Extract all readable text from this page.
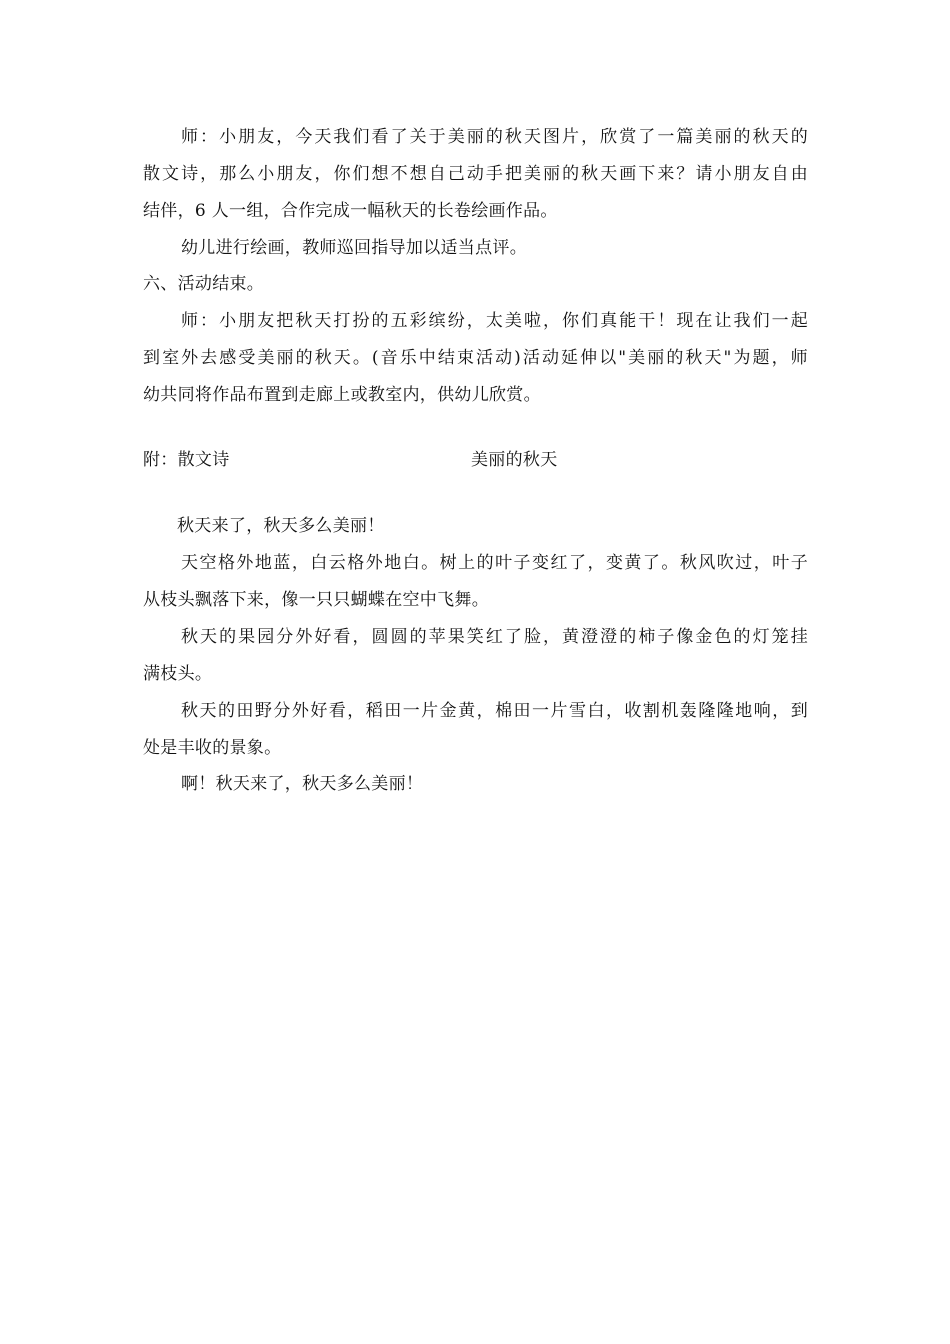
师：小朋友，今天我们看了关于美丽的秋天图片，欣赏了一篇美丽的秋天的
散文诗，那么小朋友，你们想不想自己动手把美丽的秋天画下来？请小朋友自由
结伴，6 人一组，合作完成一幅秋天的长卷绘画作品。
幼儿进行绘画，教师巡回指导加以适当点评。
六、活动结束。
师：小朋友把秋天打扮的五彩缤纷，太美啦，你们真能干！现在让我们一起
到室外去感受美丽的秋天。(音乐中结束活动)活动延伸以"美丽的秋天"为题，师
幼共同将作品布置到走廊上或教室内，供幼儿欣赏。
附：散文诗	美丽的秋天
秋天来了，秋天多么美丽！
天空格外地蓝，白云格外地白。树上的叶子变红了，变黄了。秋风吹过，叶子
从枝头飘落下来，像一只只蝴蝶在空中飞舞。
秋天的果园分外好看，圆圆的苹果笑红了脸，黄澄澄的柿子像金色的灯笼挂
满枝头。
秋天的田野分外好看，稻田一片金黄，棉田一片雪白，收割机轰隆隆地响，到
处是丰收的景象。
啊！秋天来了，秋天多么美丽！
